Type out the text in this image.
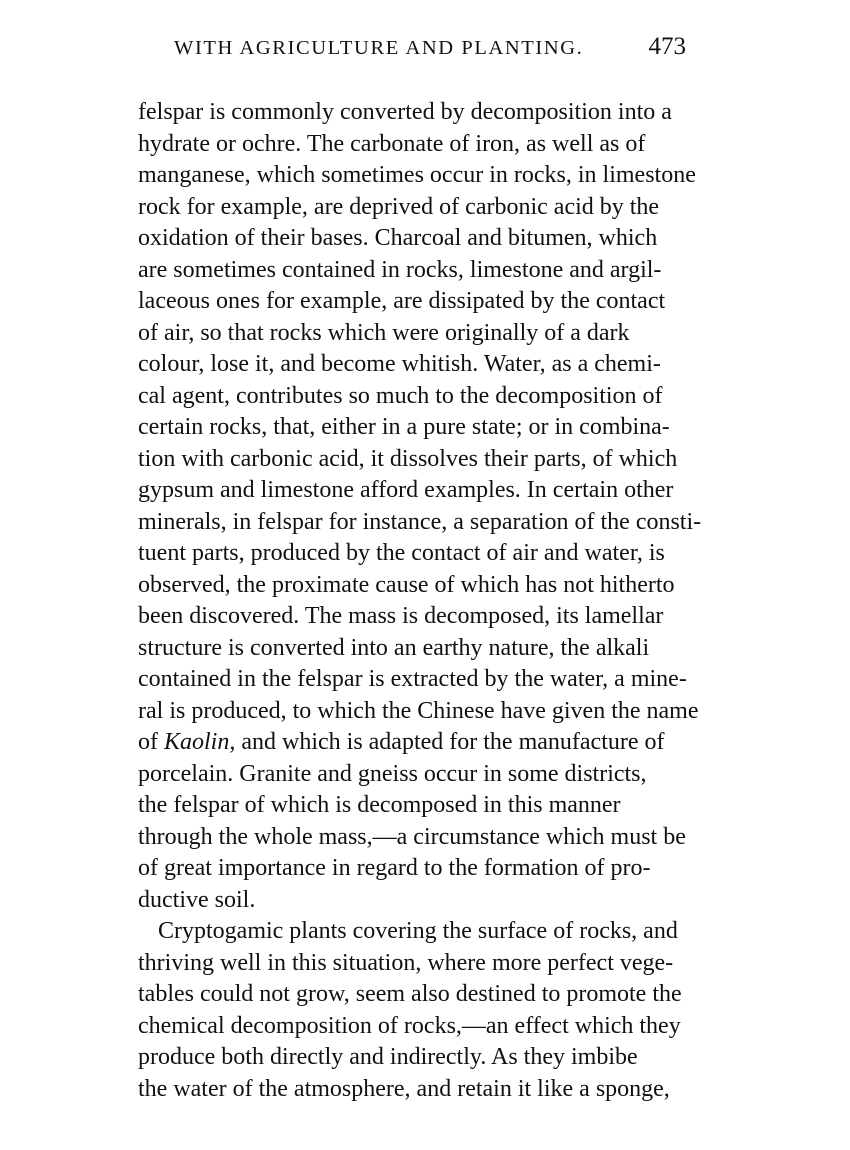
WITH AGRICULTURE AND PLANTING.	473
felspar is commonly converted by decomposition into a
hydrate or ochre. The carbonate of iron, as well as of
manganese, which sometimes occur in rocks, in limestone
rock for example, are deprived of carbonic acid by the
oxidation of their bases. Charcoal and bitumen, which
are sometimes contained in rocks, limestone and argil-
laceous ones for example, are dissipated by the contact
of air, so that rocks which were originally of a dark
colour, lose it, and become whitish. Water, as a chemi-
cal agent, contributes so much to the decomposition of
certain rocks, that, either in a pure state; or in combina-
tion with carbonic acid, it dissolves their parts, of which
gypsum and limestone afford examples. In certain other
minerals, in felspar for instance, a separation of the consti-
tuent parts, produced by the contact of air and water, is
observed, the proximate cause of which has not hitherto
been discovered. The mass is decomposed, its lamellar
structure is converted into an earthy nature, the alkali
contained in the felspar is extracted by the water, a mine-
ral is produced, to which the Chinese have given the name
of Kaolin, and which is adapted for the manufacture of
porcelain. Granite and gneiss occur in some districts,
the felspar of which is decomposed in this manner
through the whole mass,—a circumstance which must be
of great importance in regard to the formation of pro-
ductive soil.
Cryptogamic plants covering the surface of rocks, and
thriving well in this situation, where more perfect vege-
tables could not grow, seem also destined to promote the
chemical decomposition of rocks,—an effect which they
produce both directly and indirectly. As they imbibe
the water of the atmosphere, and retain it like a sponge,
